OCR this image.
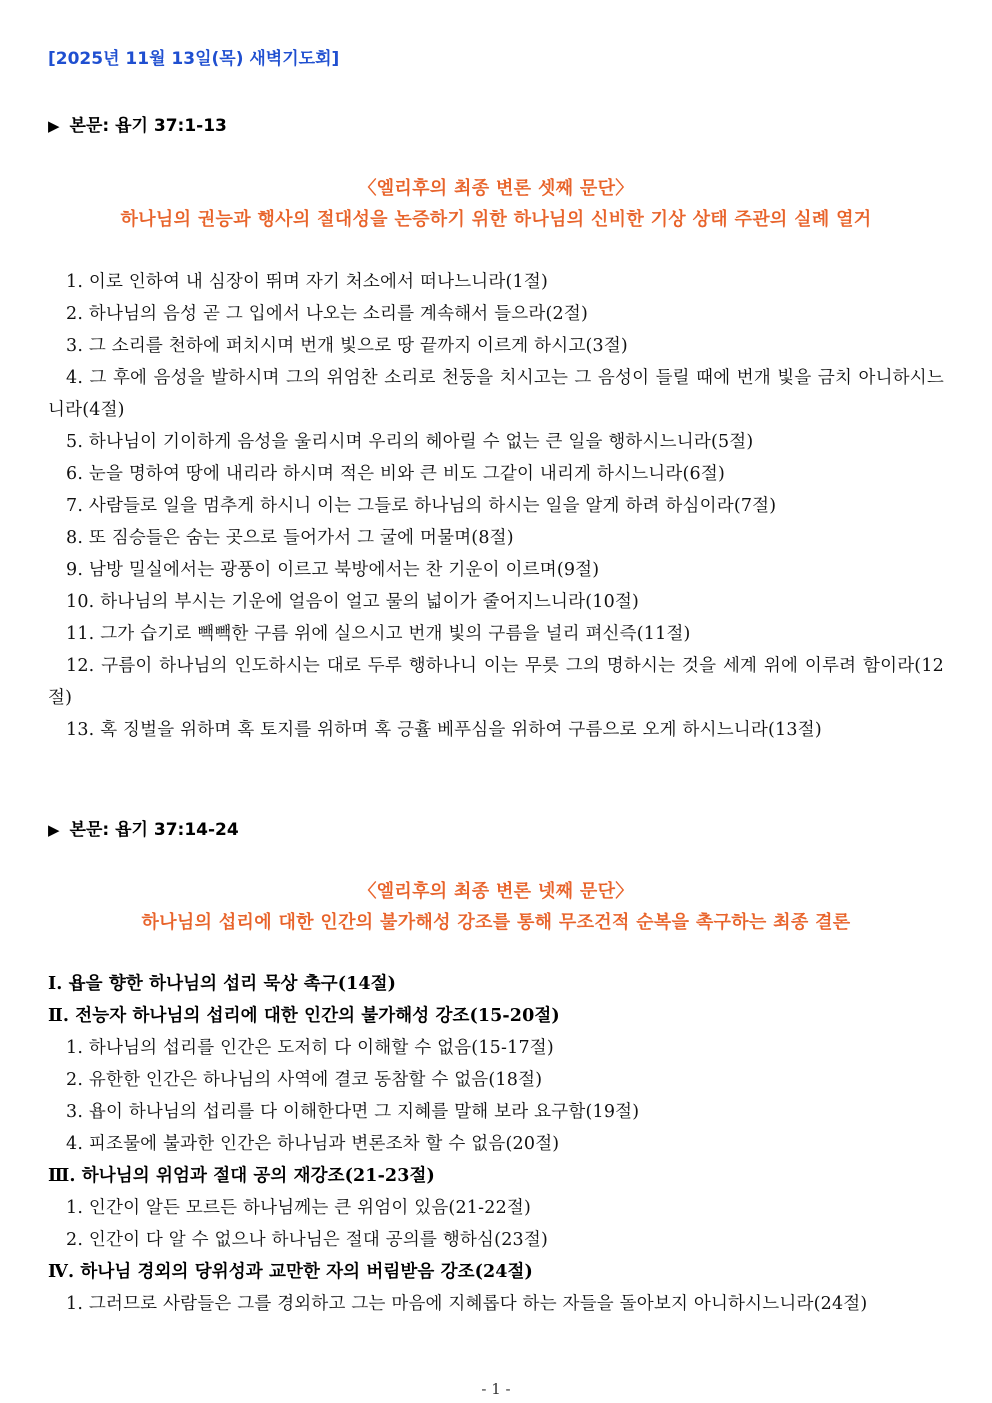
[2025년 11월 13일(목) 새벽기도회]
▶ 본문: 욥기 37:1-13
〈엘리후의 최종 변론 셋째 문단〉
하나님의 권능과 행사의 절대성을 논증하기 위한 하나님의 신비한 기상 상태 주관의 실례 열거

1. 이로 인하여 내 심장이 뛰며 자기 처소에서 떠나느니라(1절)

2. 하나님의 음성 곧 그 입에서 나오는 소리를 계속해서 들으라(2절)

3. 그 소리를 천하에 퍼치시며 번개 빛으로 땅 끝까지 이르게 하시고(3절)

4. 그 후에 음성을 발하시며 그의 위엄찬 소리로 천둥을 치시고는 그 음성이 들릴 때에 번개 빛을 금치 아니하시느니라(4절)

5. 하나님이 기이하게 음성을 울리시며 우리의 헤아릴 수 없는 큰 일을 행하시느니라(5절)

6. 눈을 명하여 땅에 내리라 하시며 적은 비와 큰 비도 그같이 내리게 하시느니라(6절)

7. 사람들로 일을 멈추게 하시니 이는 그들로 하나님의 하시는 일을 알게 하려 하심이라(7절)

8. 또 짐승들은 숨는 곳으로 들어가서 그 굴에 머물며(8절)

9. 남방 밀실에서는 광풍이 이르고 북방에서는 찬 기운이 이르며(9절)

10. 하나님의 부시는 기운에 얼음이 얼고 물의 넓이가 줄어지느니라(10절)

11. 그가 습기로 빽빽한 구름 위에 실으시고 번개 빛의 구름을 널리 펴신즉(11절)

12. 구름이 하나님의 인도하시는 대로 두루 행하나니 이는 무릇 그의 명하시는 것을 세계 위에 이루려 함이라(12절)

13. 혹 징벌을 위하며 혹 토지를 위하며 혹 긍휼 베푸심을 위하여 구름으로 오게 하시느니라(13절)

▶ 본문: 욥기 37:14-24
〈엘리후의 최종 변론 넷째 문단〉
하나님의 섭리에 대한 인간의 불가해성 강조를 통해 무조건적 순복을 촉구하는 최종 결론

Ⅰ. 욥을 향한 하나님의 섭리 묵상 촉구(14절)

Ⅱ. 전능자 하나님의 섭리에 대한 인간의 불가해성 강조(15-20절)

1. 하나님의 섭리를 인간은 도저히 다 이해할 수 없음(15-17절)

2. 유한한 인간은 하나님의 사역에 결코 동참할 수 없음(18절)

3. 욥이 하나님의 섭리를 다 이해한다면 그 지혜를 말해 보라 요구함(19절)

4. 피조물에 불과한 인간은 하나님과 변론조차 할 수 없음(20절)

Ⅲ. 하나님의 위엄과 절대 공의 재강조(21-23절)

1. 인간이 알든 모르든 하나님께는 큰 위엄이 있음(21-22절)

2. 인간이 다 알 수 없으나 하나님은 절대 공의를 행하심(23절)

Ⅳ. 하나님 경외의 당위성과 교만한 자의 버림받음 강조(24절)

1. 그러므로 사람들은 그를 경외하고 그는 마음에 지혜롭다 하는 자들을 돌아보지 아니하시느니라(24절)

- 1 -
